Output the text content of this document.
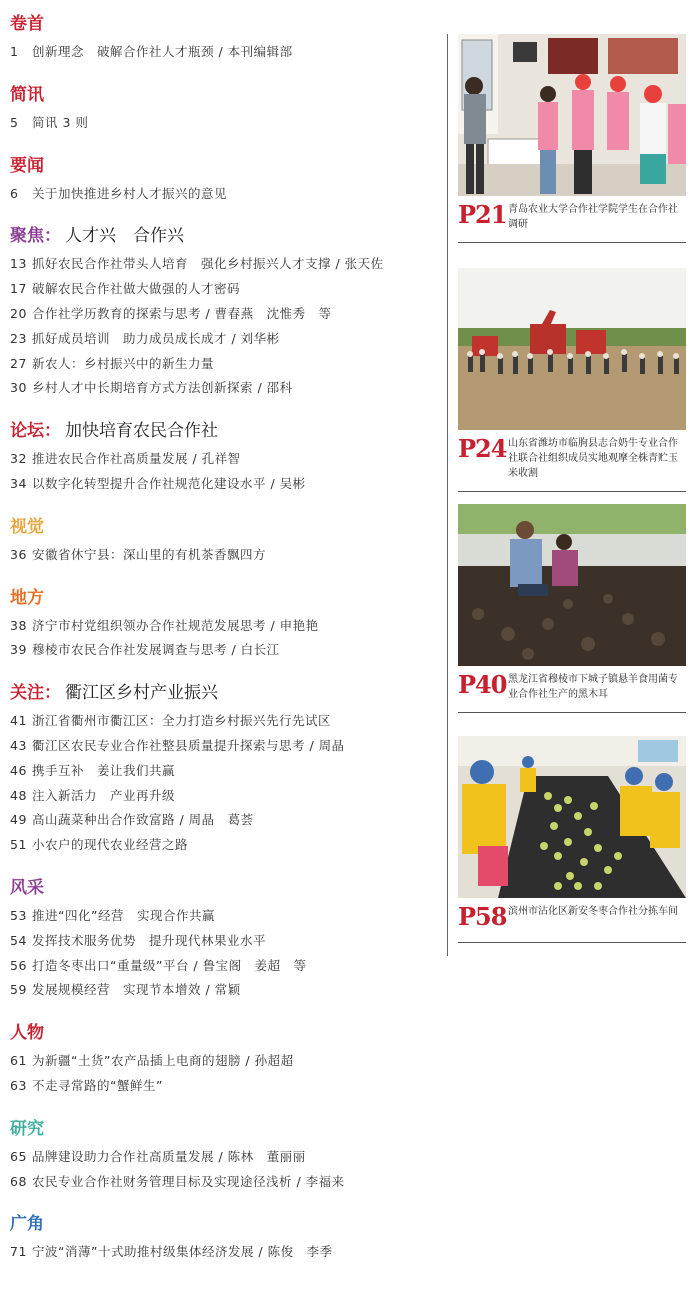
卷首
1 创新理念　破解合作社人才瓶颈 / 本刊编辑部
简讯
5 简讯 3 则
要闻
6 关于加快推进乡村人才振兴的意见
聚焦： 人才兴　合作兴
13 抓好农民合作社带头人培育　强化乡村振兴人才支撑 / 张天佐
17 破解农民合作社做大做强的人才密码
20 合作社学历教育的探索与思考 / 曹春燕　沈惟秀　等
23 抓好成员培训　助力成员成长成才 / 刘华彬
27 新农人：乡村振兴中的新生力量
30 乡村人才中长期培育方式方法创新探索 / 邵科
论坛： 加快培育农民合作社
32 推进农民合作社高质量发展 / 孔祥智
34 以数字化转型提升合作社规范化建设水平 / 吴彬
视觉
36 安徽省休宁县：深山里的有机茶香飘四方
地方
38 济宁市村党组织领办合作社规范发展思考 / 申艳艳
39 穆棱市农民合作社发展调查与思考 / 白长江
关注： 衢江区乡村产业振兴
41 浙江省衢州市衢江区：全力打造乡村振兴先行先试区
43 衢江区农民专业合作社整县质量提升探索与思考 / 周晶
46 携手互补　姜让我们共赢
48 注入新活力　产业再升级
49 高山蔬菜种出合作致富路 / 周晶　葛荟
51 小农户的现代农业经营之路
风采
53 推进“四化”经营　实现合作共赢
54 发挥技术服务优势　提升现代林果业水平
56 打造冬枣出口“重量级”平台 / 鲁宝阁　姜超　等
59 发展规模经营　实现节本增效 / 常颖
人物
61 为新疆“土货”农产品插上电商的翅膀 / 孙超超
63 不走寻常路的“蟹鲜生”
研究
65 品牌建设助力合作社高质量发展 / 陈林　董丽丽
68 农民专业合作社财务管理目标及实现途径浅析 / 李福来
广角
71 宁波“消薄”十式助推村级集体经济发展 / 陈俊　李季
P21 青岛农业大学合作社学院学生在合作社调研
P24 山东省潍坊市临朐县志合奶牛专业合作社联合社组织成员实地观摩全株青贮玉米收割
P40 黑龙江省穆棱市下城子镇悬羊食用菌专业合作社生产的黑木耳
P58 滨州市沾化区新安冬枣合作社分拣车间
